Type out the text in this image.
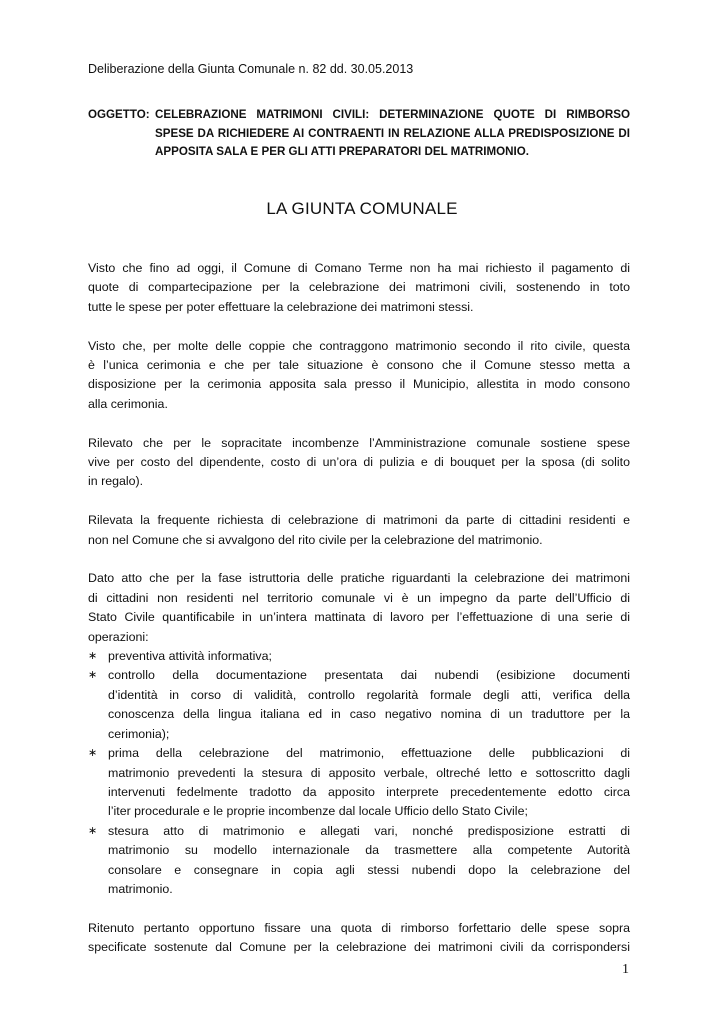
Deliberazione della Giunta Comunale n. 82 dd. 30.05.2013
OGGETTO: CELEBRAZIONE MATRIMONI CIVILI: DETERMINAZIONE QUOTE DI RIMBORSO
SPESE DA RICHIEDERE AI CONTRAENTI IN RELAZIONE ALLA PREDISPOSIZIONE DI
APPOSITA SALA E PER GLI ATTI PREPARATORI DEL MATRIMONIO.
LA GIUNTA COMUNALE

Visto che fino ad oggi, il Comune di Comano Terme non ha mai richiesto il pagamento di
quote di compartecipazione per la celebrazione dei matrimoni civili, sostenendo in toto
tutte le spese per poter effettuare la celebrazione dei matrimoni stessi.

Visto che, per molte delle coppie che contraggono matrimonio secondo il rito civile, questa
è l’unica cerimonia e che per tale situazione è consono che il Comune stesso metta a
disposizione per la cerimonia apposita sala presso il Municipio, allestita in modo consono
alla cerimonia.

Rilevato che per le sopracitate incombenze l’Amministrazione comunale sostiene spese
vive per costo del dipendente, costo di un’ora di pulizia e di bouquet per la sposa (di solito
in regalo).

Rilevata la frequente richiesta di celebrazione di matrimoni da parte di cittadini residenti e
non nel Comune che si avvalgono del rito civile per la celebrazione del matrimonio.

Dato atto che per la fase istruttoria delle pratiche riguardanti la celebrazione dei matrimoni
di cittadini non residenti nel territorio comunale vi è un impegno da parte dell’Ufficio di
Stato Civile quantificabile in un’intera mattinata di lavoro per l’effettuazione di una serie di
operazioni:

∗ preventiva attività informativa;
∗ controllo della documentazione presentata dai nubendi (esibizione documenti
d’identità in corso di validità, controllo regolarità formale degli atti, verifica della
conoscenza della lingua italiana ed in caso negativo nomina di un traduttore per la
cerimonia);
∗ prima della celebrazione del matrimonio, effettuazione delle pubblicazioni di
matrimonio prevedenti la stesura di apposito verbale, oltreché letto e sottoscritto dagli
intervenuti fedelmente tradotto da apposito interprete precedentemente edotto circa
l’iter procedurale e le proprie incombenze dal locale Ufficio dello Stato Civile;
∗ stesura atto di matrimonio e allegati vari, nonché predisposizione estratti di
matrimonio su modello internazionale da trasmettere alla competente Autorità
consolare e consegnare in copia agli stessi nubendi dopo la celebrazione del
matrimonio.

Ritenuto pertanto opportuno fissare una quota di rimborso forfettario delle spese sopra
specificate sostenute dal Comune per la celebrazione dei matrimoni civili da corrispondersi

1
